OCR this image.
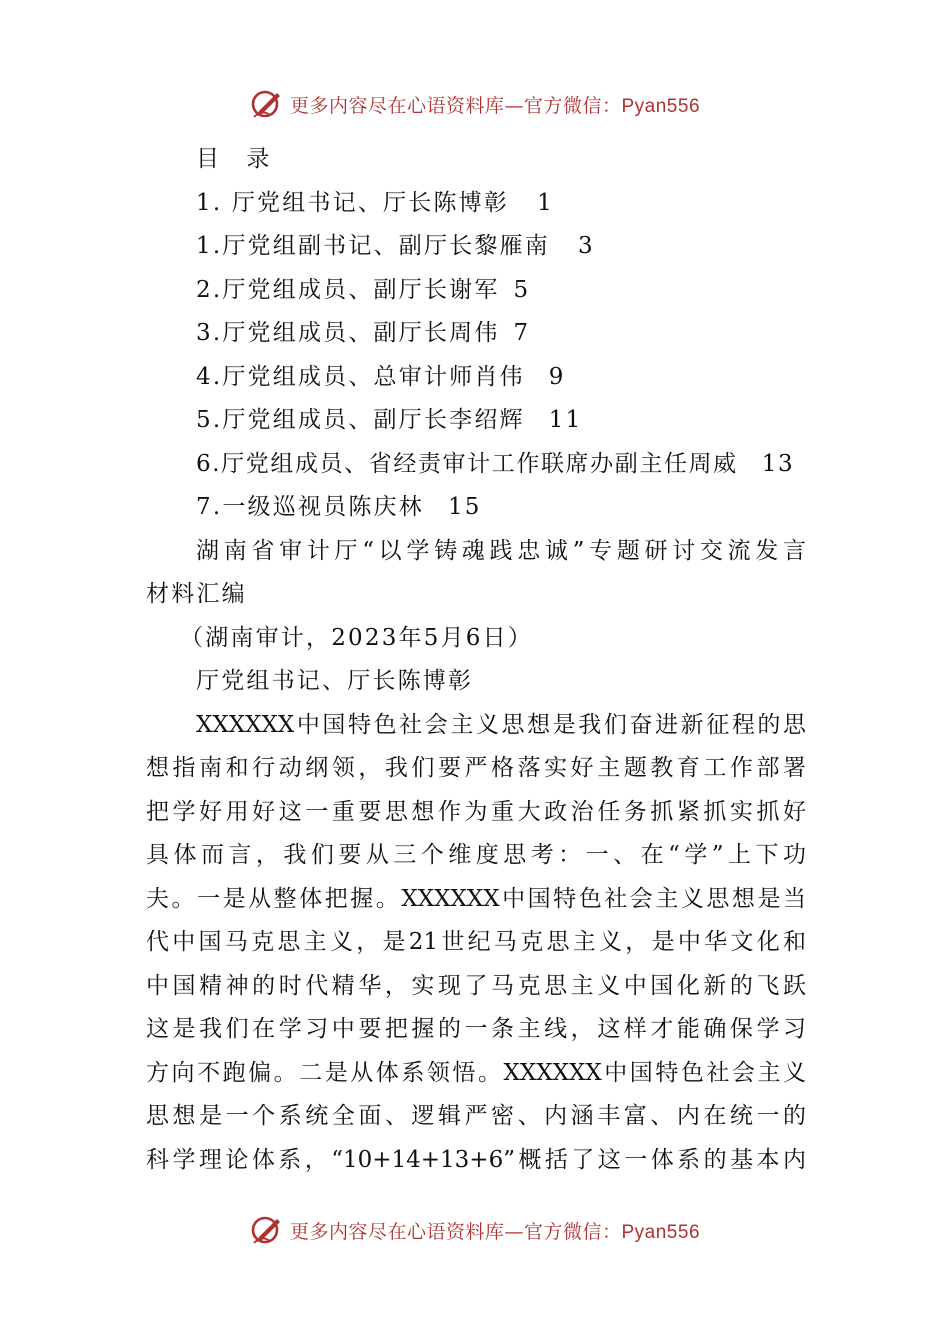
更多内容尽在心语资料库—官方微信：Pyan556
目　录
1. 厅党组书记、厅长陈博彰 1
1.厅党组副书记、副厅长黎雁南 3
2.厅党组成员、副厅长谢军 5
3.厅党组成员、副厅长周伟 7
4.厅党组成员、总审计师肖伟 9
5.厅党组成员、副厅长李绍辉 11
6.厅党组成员、省经责审计工作联席办副主任周威 13
7.一级巡视员陈庆林 15
湖南省审计厅“以学铸魂践忠诚”专题研讨交流发言
材料汇编
（湖南审计，2023年5月6日）
厅党组书记、厅长陈博彰
XXXXXX中国特色社会主义思想是我们奋进新征程的思
想指南和行动纲领，我们要严格落实好主题教育工作部署
把学好用好这一重要思想作为重大政治任务抓紧抓实抓好
具体而言，我们要从三个维度思考：一、在“学”上下功
夫。一是从整体把握。XXXXXX中国特色社会主义思想是当
代中国马克思主义，是21世纪马克思主义，是中华文化和
中国精神的时代精华，实现了马克思主义中国化新的飞跃
这是我们在学习中要把握的一条主线，这样才能确保学习
方向不跑偏。二是从体系领悟。XXXXXX中国特色社会主义
思想是一个系统全面、逻辑严密、内涵丰富、内在统一的
科学理论体系，“10+14+13+6”概括了这一体系的基本内
更多内容尽在心语资料库—官方微信：Pyan556
